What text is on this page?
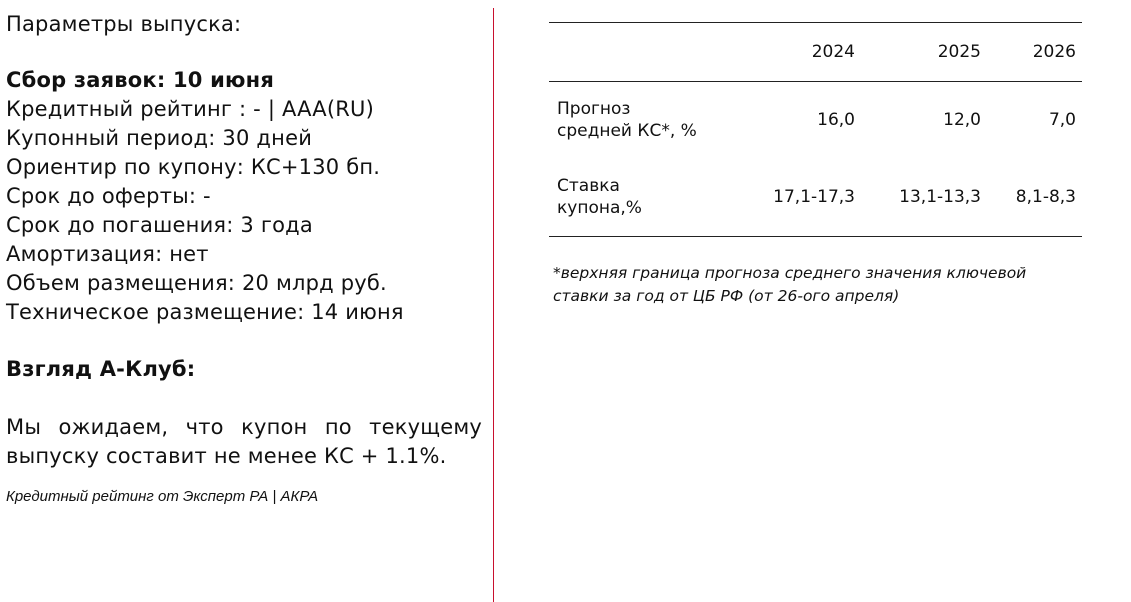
Параметры выпуска:
Сбор заявок: 10 июня
Кредитный рейтинг : - | AAA(RU)
Купонный период: 30 дней
Ориентир по купону: КС+130 бп.
Срок до оферты: -
Срок до погашения: 3 года
Амортизация: нет
Объем размещения: 20 млрд руб.
Техническое размещение: 14 июня
Взгляд А-Клуб:
Мы ожидаем, что купон по текущему выпуску составит не менее КС + 1.1%.
Кредитный рейтинг от Эксперт РА | АКРА
	2024	2025	2026

Прогноз
средней КС*, %	16,0	12,0	7,0

Ставка
купона,%	17,1-17,3	13,1-13,3	8,1-8,3
*верхняя граница прогноза среднего значения ключевой
ставки за год от ЦБ РФ (от 26-ого апреля)
